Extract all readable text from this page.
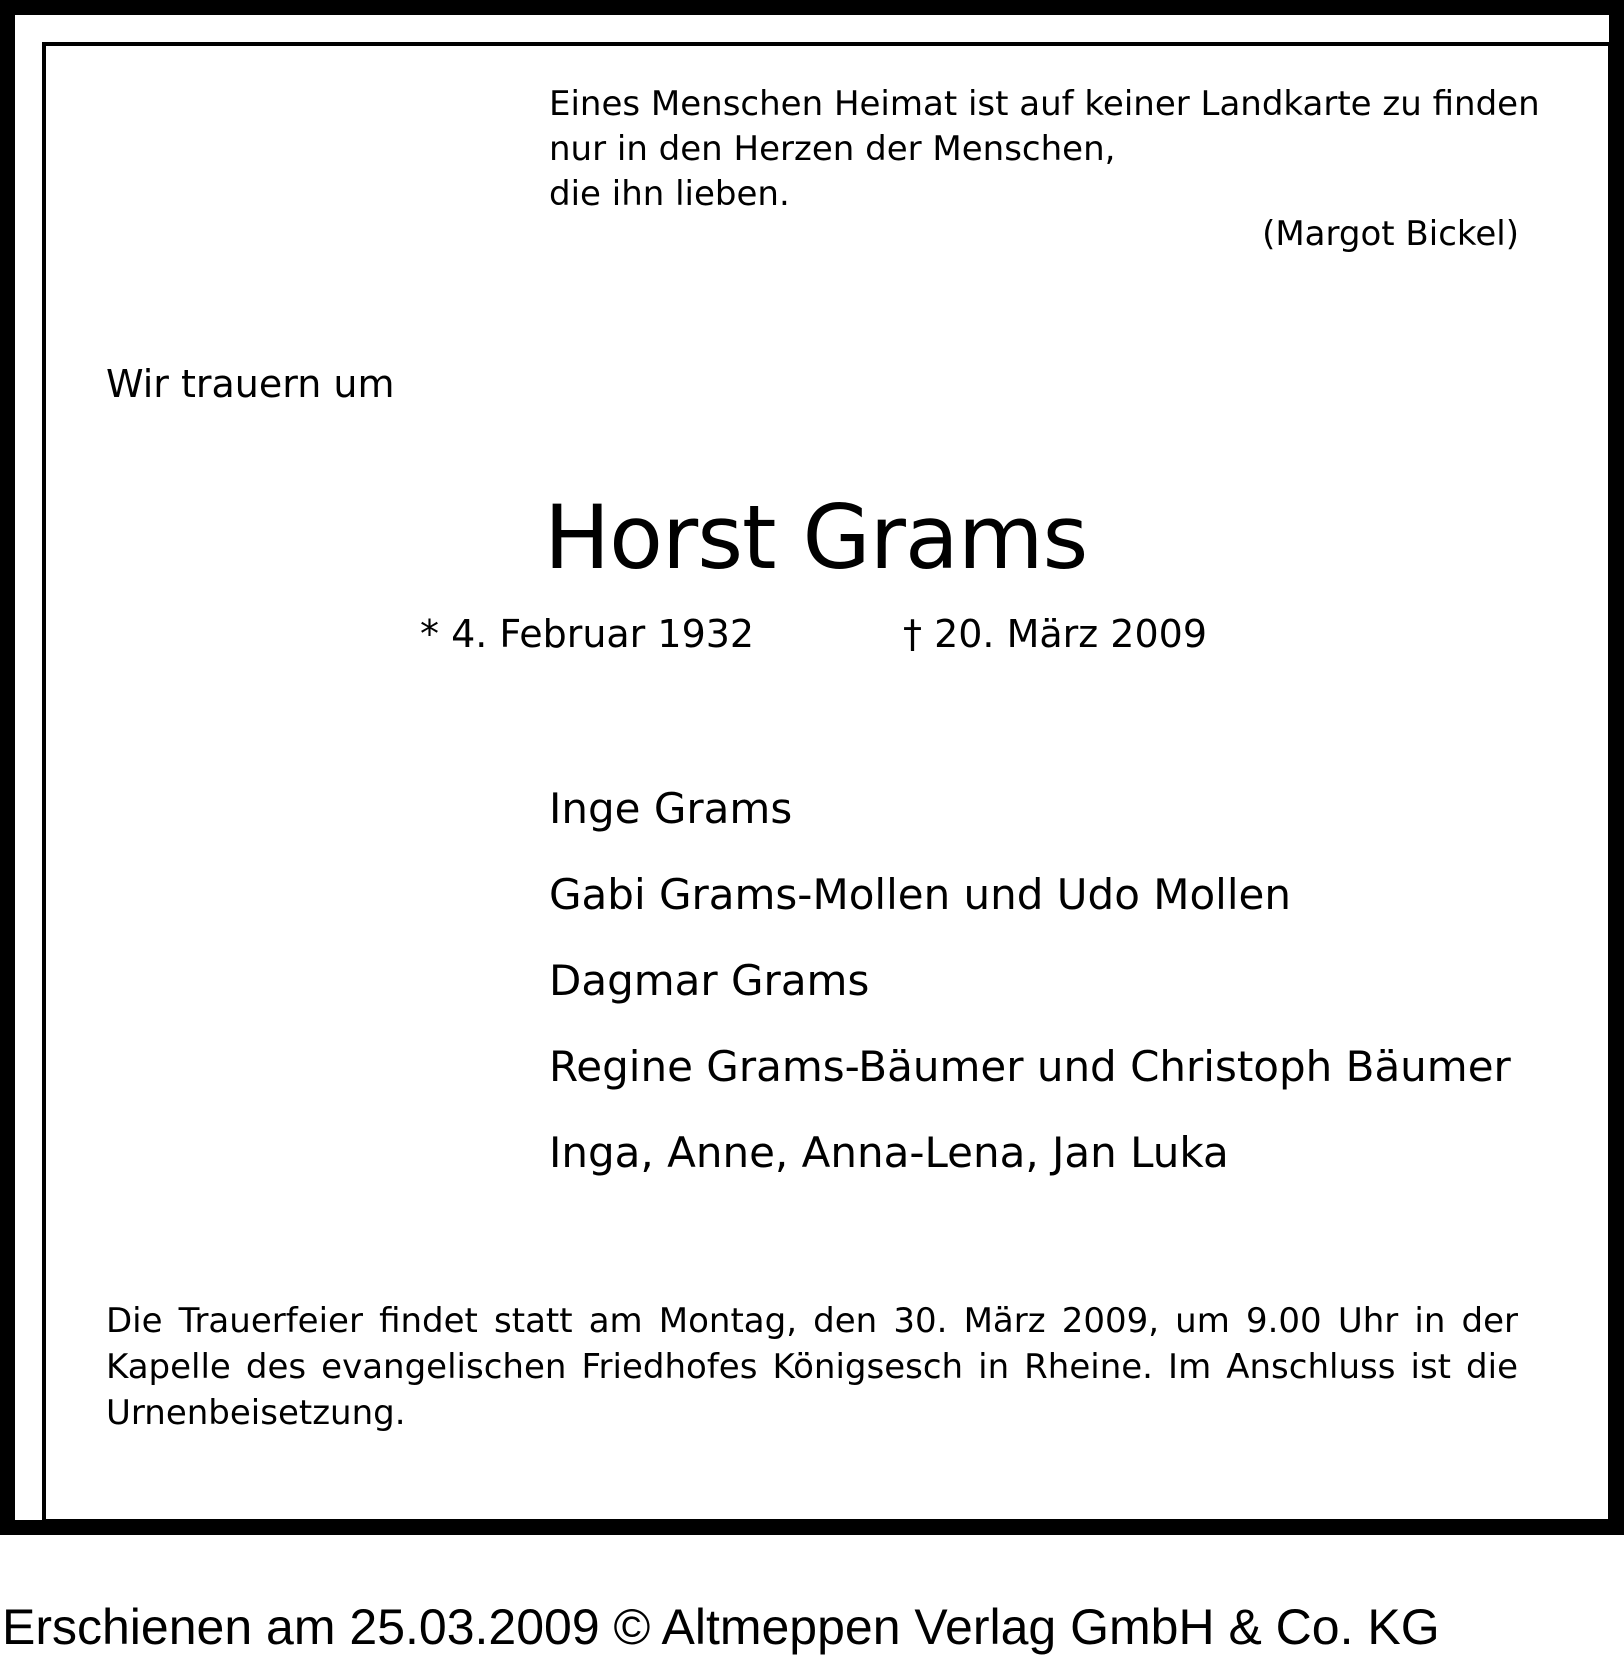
Eines Menschen Heimat ist auf keiner Landkarte zu finden
nur in den Herzen der Menschen,
die ihn lieben.
(Margot Bickel)
Wir trauern um
Horst Grams
* 4. Februar 1932	† 20. März 2009
Inge Grams
Gabi Grams-Mollen und Udo Mollen
Dagmar Grams
Regine Grams-Bäumer und Christoph Bäumer
Inga, Anne, Anna-Lena, Jan Luka
Die Trauerfeier findet statt am Montag, den 30. März 2009, um 9.00 Uhr in der Kapelle des evangelischen Friedhofes Königsesch in Rheine. Im Anschluss ist die Urnenbeisetzung.
Erschienen am 25.03.2009 © Altmeppen Verlag GmbH & Co. KG
